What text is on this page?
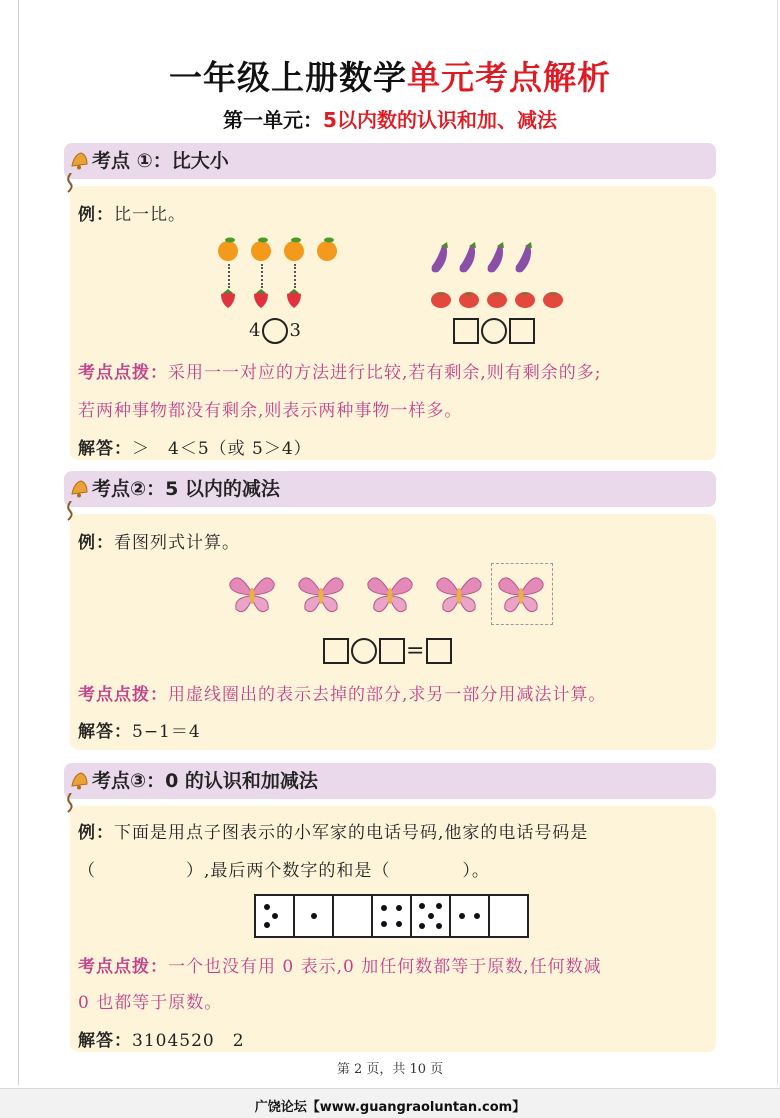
一年级上册数学单元考点解析
第一单元：5以内数的认识和加、减法
考点 ①：比大小
例：比一比。
4 3
考点点拨：采用一一对应的方法进行比较,若有剩余,则有剩余的多;
若两种事物都没有剩余,则表示两种事物一样多。
解答：＞　4＜5（或 5＞4）
考点②：5 以内的减法
例：看图列式计算。
=
考点点拨：用虚线圈出的表示去掉的部分,求另一部分用减法计算。
解答：5−1＝4
考点③：0 的认识和加减法
例：下面是用点子图表示的小军家的电话号码,他家的电话号码是
（　　　　　）,最后两个数字的和是（　　　　）。
考点点拨：一个也没有用 0 表示,0 加任何数都等于原数,任何数减
0 也都等于原数。
解答：3104520　2
第 2 页，共 10 页
广饶论坛【www.guangraoluntan.com】
